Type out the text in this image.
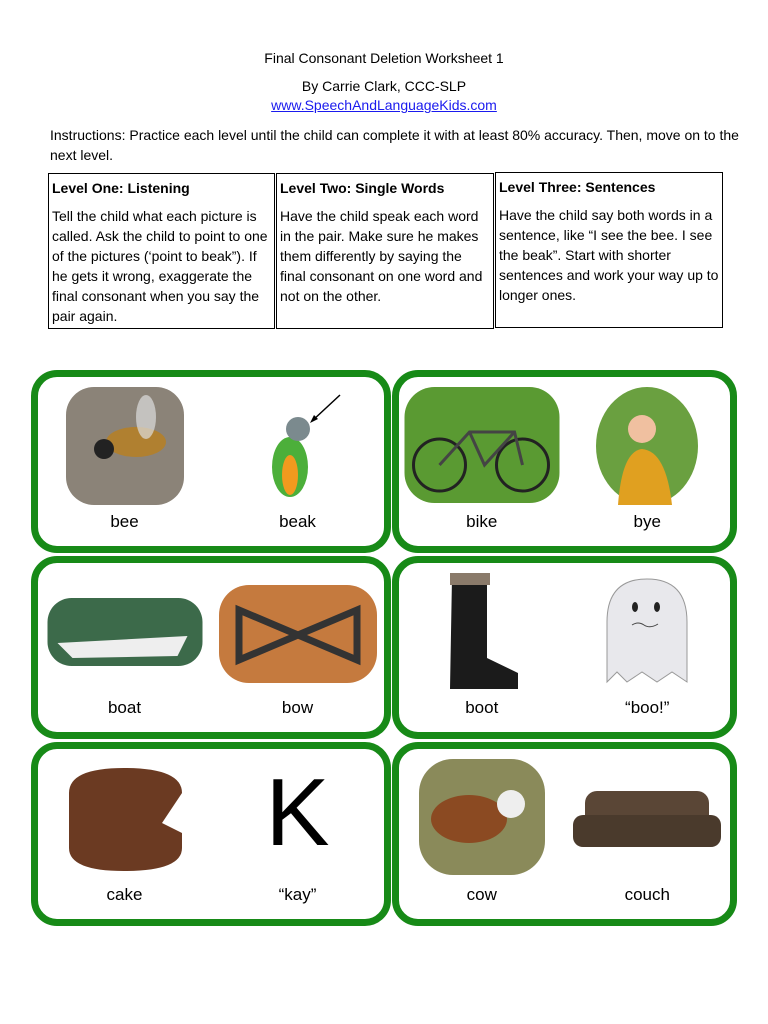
Final Consonant Deletion Worksheet 1
By Carrie Clark, CCC-SLP
www.SpeechAndLanguageKids.com
Instructions: Practice each level until the child can complete it with at least 80% accuracy. Then, move on to the next level.
Level One: Listening
Tell the child what each picture is called. Ask the child to point to one of the pictures (‘point to beak”). If he gets it wrong, exaggerate the final consonant when you say the pair again.
Level Two: Single Words
Have the child speak each word in the pair. Make sure he makes them differently by saying the final consonant on one word and not on the other.
Level Three: Sentences
Have the child say both words in a sentence, like “I see the bee. I see the beak”. Start with shorter sentences and work your way up to longer ones.
bee	beak	bike	bye
boat	bow	boot	“boo!”
cake
K
“kay”	cow	couch
